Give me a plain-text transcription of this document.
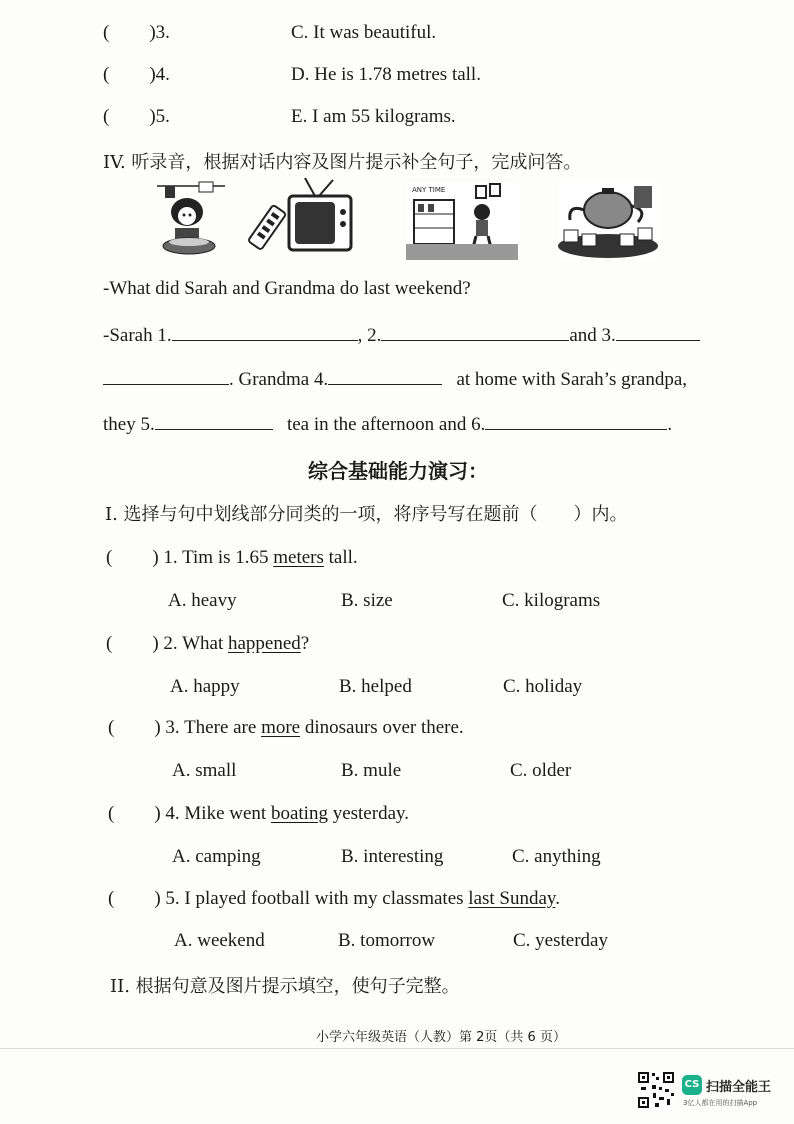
( )3.	C. It was beautiful.
( )4.	D. He is 1.78 metres tall.
( )5.	E. I am 55 kilograms.
IV. 听录音，根据对话内容及图片提示补全句子，完成问答。
ANY TIME
-What did Sarah and Grandma do last weekend?
-Sarah 1.	, 2.	and 3.
. Grandma 4.	at home with Sarah’s grandpa,
they 5.	tea in the afternoon and 6.	.
综合基础能力演习：
I. 选择与句中划线部分同类的一项，将序号写在题前（　　）内。
( ) 1. Tim is 1.65 meters tall.
A. heavy	B. size	C. kilograms
( ) 2. What happened?
A. happy	B. helped	C. holiday
( ) 3. There are more dinosaurs over there.
A. small	B. mule	C. older
( ) 4. Mike went boating yesterday.
A. camping	B. interesting	C. anything
( ) 5. I played football with my classmates last Sunday.
A. weekend	B. tomorrow	C. yesterday
II. 根据句意及图片提示填空，使句子完整。
小学六年级英语（人教）第 2页（共 6 页）
CS 扫描全能王
3亿人都在用的扫描App
